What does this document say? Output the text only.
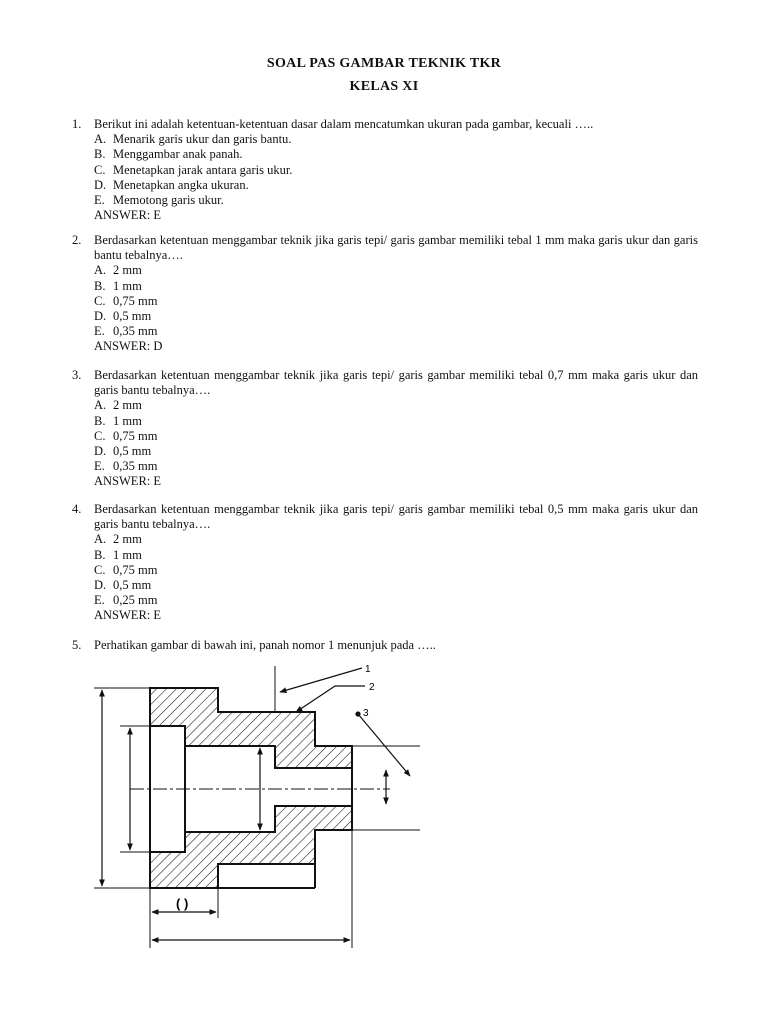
SOAL PAS GAMBAR TEKNIK TKR
KELAS XI
1. Berikut ini adalah ketentuan-ketentuan dasar dalam mencatumkan ukuran pada gambar, kecuali …..
A. Menarik garis ukur dan garis bantu.
B. Menggambar anak panah.
C. Menetapkan jarak antara garis ukur.
D. Menetapkan angka ukuran.
E. Memotong garis ukur.
ANSWER: E
2. Berdasarkan ketentuan menggambar teknik jika garis tepi/ garis gambar memiliki tebal 1 mm maka garis ukur dan garis bantu tebalnya….
A. 2 mm
B. 1 mm
C. 0,75 mm
D. 0,5 mm
E. 0,35 mm
ANSWER: D
3. Berdasarkan ketentuan menggambar teknik jika garis tepi/ garis gambar memiliki tebal 0,7 mm maka garis ukur dan garis bantu tebalnya….
A. 2 mm
B. 1 mm
C. 0,75 mm
D. 0,5 mm
E. 0,35 mm
ANSWER: E
4. Berdasarkan ketentuan menggambar teknik jika garis tepi/ garis gambar memiliki tebal 0,5 mm maka garis ukur dan garis bantu tebalnya….
A. 2 mm
B. 1 mm
C. 0,75 mm
D. 0,5 mm
E. 0,25 mm
ANSWER: E
5. Perhatikan gambar di bawah ini, panah nomor 1 menunjuk pada …..
1
2
3
( )
